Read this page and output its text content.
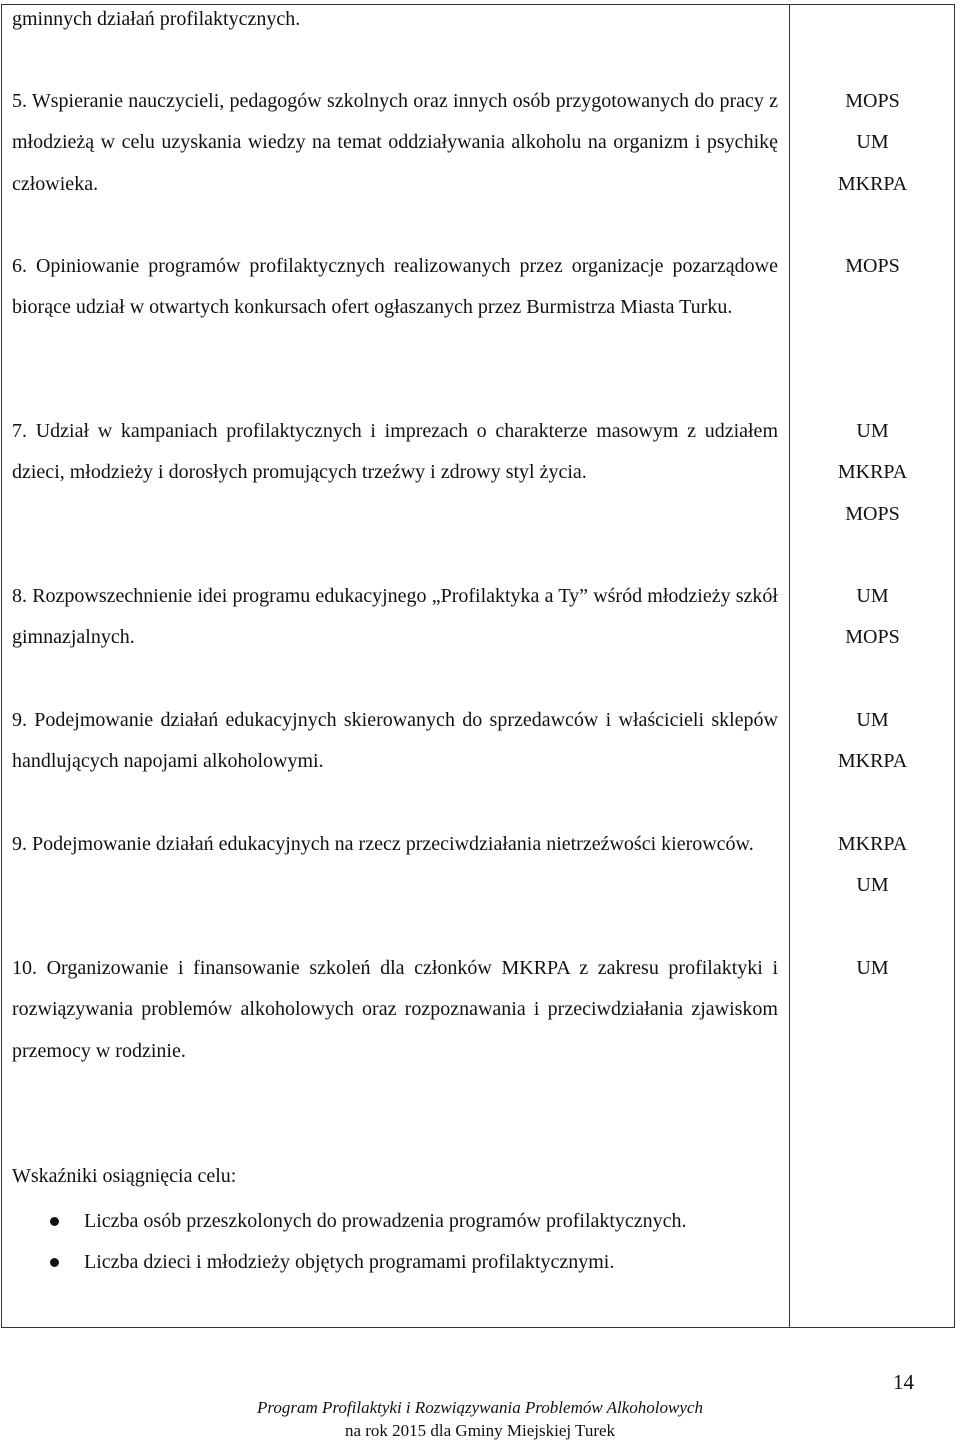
gminnych działań profilaktycznych.

5. Wspieranie nauczycieli, pedagogów szkolnych oraz innych osób przygotowanych do pracy z młodzieżą w celu uzyskania wiedzy na temat oddziaływania alkoholu na organizm i psychikę człowieka.

MOPS
UM
MKRPA

6. Opiniowanie programów profilaktycznych realizowanych przez organizacje pozarządowe biorące udział w otwartych konkursach ofert ogłaszanych przez Burmistrza Miasta Turku.

MOPS

7. Udział w kampaniach profilaktycznych i imprezach o charakterze masowym z udziałem dzieci, młodzieży i dorosłych promujących trzeźwy i zdrowy styl życia.

UM
MKRPA
MOPS

8. Rozpowszechnienie idei programu edukacyjnego „Profilaktyka a Ty” wśród młodzieży szkół gimnazjalnych.

UM
MOPS

9. Podejmowanie działań edukacyjnych skierowanych do sprzedawców i właścicieli sklepów handlujących napojami alkoholowymi.

UM
MKRPA

9. Podejmowanie działań edukacyjnych na rzecz przeciwdziałania nietrzeźwości kierowców.	MKRPA
UM

10. Organizowanie i finansowanie szkoleń dla członków MKRPA z zakresu profilaktyki i rozwiązywania problemów alkoholowych oraz rozpoznawania i przeciwdziałania zjawiskom przemocy w rodzinie.

UM

Wskaźniki osiągnięcia celu:

Liczba osób przeszkolonych do prowadzenia programów profilaktycznych.
Liczba dzieci i młodzieży objętych programami profilaktycznymi.

14

Program Profilaktyki i Rozwiązywania Problemów Alkoholowych
na rok 2015 dla Gminy Miejskiej Turek
